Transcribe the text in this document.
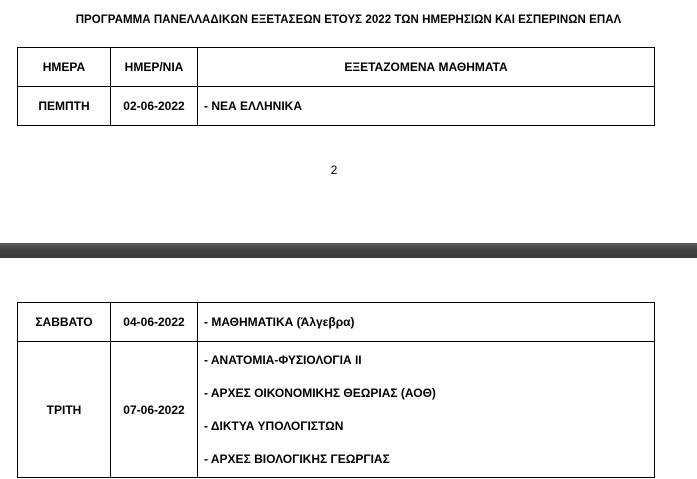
ΠΡΟΓΡΑΜΜΑ ΠΑΝΕΛΛΑΔΙΚΩΝ ΕΞΕΤΑΣΕΩΝ ΕΤΟΥΣ 2022 ΤΩΝ ΗΜΕΡΗΣΙΩΝ ΚΑΙ ΕΣΠΕΡΙΝΩΝ ΕΠΑΛ
ΗΜΕΡΑ	ΗΜΕΡ/ΝΙΑ	ΕΞΕΤΑΖΟΜΕΝΑ ΜΑΘΗΜΑΤΑ
ΠΕΜΠΤΗ	02-06-2022	- ΝΕΑ ΕΛΛΗΝΙΚΑ
2
ΣΑΒΒΑΤΟ	04-06-2022	- ΜΑΘΗΜΑΤΙΚΑ (Άλγεβρα)
ΤΡΙΤΗ	07-06-2022	- ΑΝΑΤΟΜΙΑ-ΦΥΣΙΟΛΟΓΙΑ ΙΙ
- ΑΡΧΕΣ ΟΙΚΟΝΟΜΙΚΗΣ ΘΕΩΡΙΑΣ (ΑΟΘ)
- ΔΙΚΤΥΑ ΥΠΟΛΟΓΙΣΤΩΝ
- ΑΡΧΕΣ ΒΙΟΛΟΓΙΚΗΣ ΓΕΩΡΓΙΑΣ
